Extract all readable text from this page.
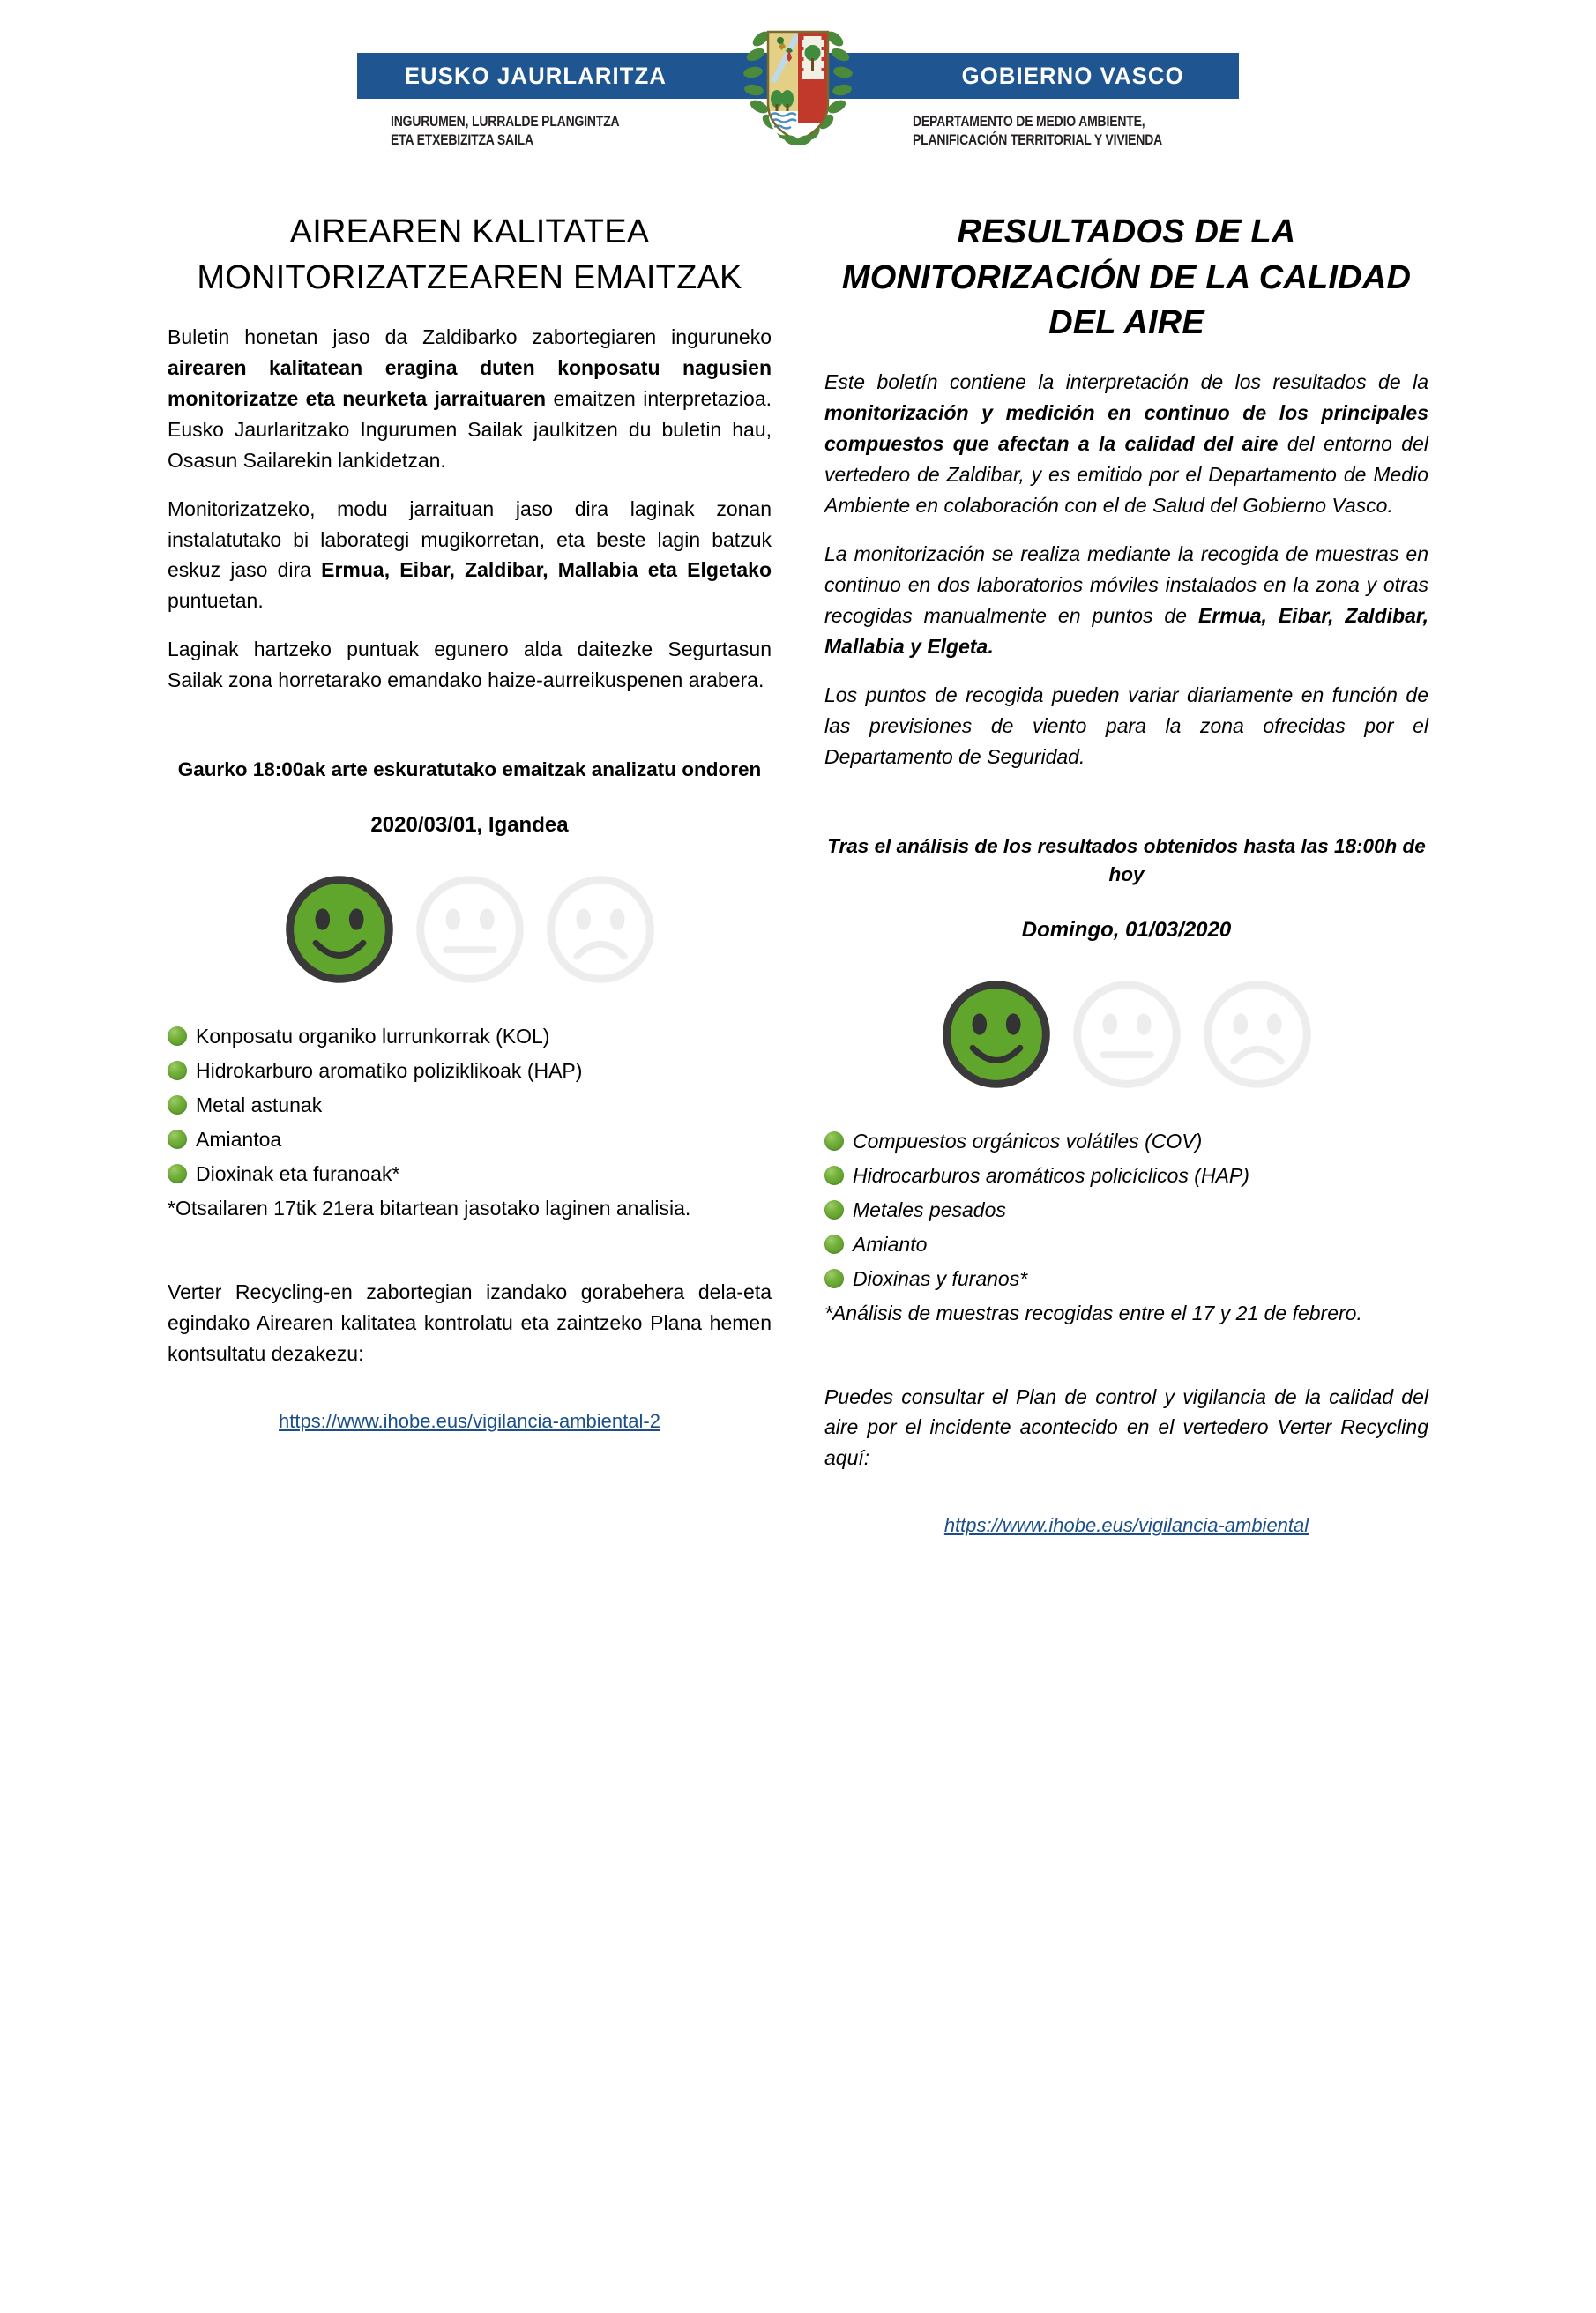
EUSKO JAURLARITZA	GOBIERNO VASCO
INGURUMEN, LURRALDE PLANGINTZA
ETA ETXEBIZITZA SAILA
DEPARTAMENTO DE MEDIO AMBIENTE,
PLANIFICACIÓN TERRITORIAL Y VIVIENDA
AIREAREN KALITATEA MONITORIZATZEAREN EMAITZAK

Buletin honetan jaso da Zaldibarko zabortegiaren inguruneko airearen kalitatean eragina duten konposatu nagusien monitorizatze eta neurketa jarraituaren emaitzen interpretazioa. Eusko Jaurlaritzako Ingurumen Sailak jaulkitzen du buletin hau, Osasun Sailarekin lankidetzan.

Monitorizatzeko, modu jarraituan jaso dira laginak zonan instalatutako bi laborategi mugikorretan, eta beste lagin batzuk eskuz jaso dira Ermua, Eibar, Zaldibar, Mallabia eta Elgetako puntuetan.

Laginak hartzeko puntuak egunero alda daitezke Segurtasun Sailak zona horretarako emandako haize-aurreikuspenen arabera.

Gaurko 18:00ak arte eskuratutako emaitzak analizatu ondoren

2020/03/01, Igandea

Konposatu organiko lurrunkorrak (KOL)
Hidrokarburo aromatiko poliziklikoak (HAP)
Metal astunak
Amiantoa
Dioxinak eta furanoak*

*Otsailaren 17tik 21era bitartean jasotako laginen analisia.

Verter Recycling-en zabortegian izandako gorabehera dela-eta egindako Airearen kalitatea kontrolatu eta zaintzeko Plana hemen kontsultatu dezakezu:

https://www.ihobe.eus/vigilancia-ambiental-2

RESULTADOS DE LA MONITORIZACIÓN DE LA CALIDAD DEL AIRE

Este boletín contiene la interpretación de los resultados de la monitorización y medición en continuo de los principales compuestos que afectan a la calidad del aire del entorno del vertedero de Zaldibar, y es emitido por el Departamento de Medio Ambiente en colaboración con el de Salud del Gobierno Vasco.

La monitorización se realiza mediante la recogida de muestras en continuo en dos laboratorios móviles instalados en la zona y otras recogidas manualmente en puntos de Ermua, Eibar, Zaldibar, Mallabia y Elgeta.

Los puntos de recogida pueden variar diariamente en función de las previsiones de viento para la zona ofrecidas por el Departamento de Seguridad.

Tras el análisis de los resultados obtenidos hasta las 18:00h de hoy

Domingo, 01/03/2020

Compuestos orgánicos volátiles (COV)
Hidrocarburos aromáticos policíclicos (HAP)
Metales pesados
Amianto
Dioxinas y furanos*

*Análisis de muestras recogidas entre el 17 y 21 de febrero.

Puedes consultar el Plan de control y vigilancia de la calidad del aire por el incidente acontecido en el vertedero Verter Recycling aquí:

https://www.ihobe.eus/vigilancia-ambiental
